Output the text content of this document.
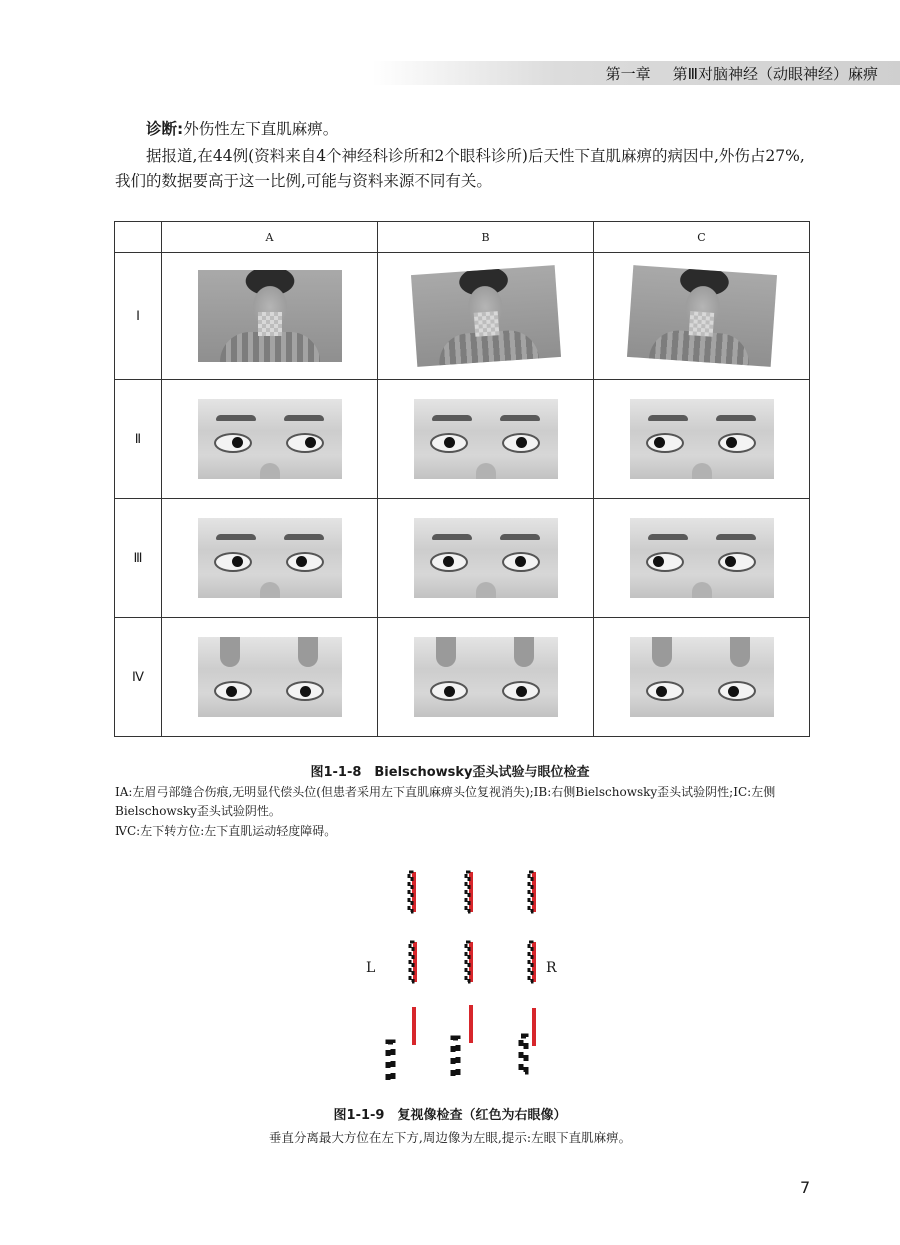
第一章 第Ⅲ对脑神经（动眼神经）麻痹
诊断:外伤性左下直肌麻痹。
据报道,在44例(资料来自4个神经科诊所和2个眼科诊所)后天性下直肌麻痹的病因中,外伤占27%,我们的数据要高于这一比例,可能与资料来源不同有关。
	A	B	C
Ⅰ	

Ⅱ	

Ⅲ	

Ⅳ	

图1-1-8　Bielschowsky歪头试验与眼位检查
ⅠA:左眉弓部缝合伤痕,无明显代偿头位(但患者采用左下直肌麻痹头位复视消失);ⅠB:右侧Bielschowsky歪头试验阴性;ⅠC:左侧Bielschowsky歪头试验阴性。
ⅣC:左下转方位:左下直肌运动轻度障碍。
L	R
图1-1-9　复视像检查（红色为右眼像）
垂直分离最大方位在左下方,周边像为左眼,提示:左眼下直肌麻痹。
7
